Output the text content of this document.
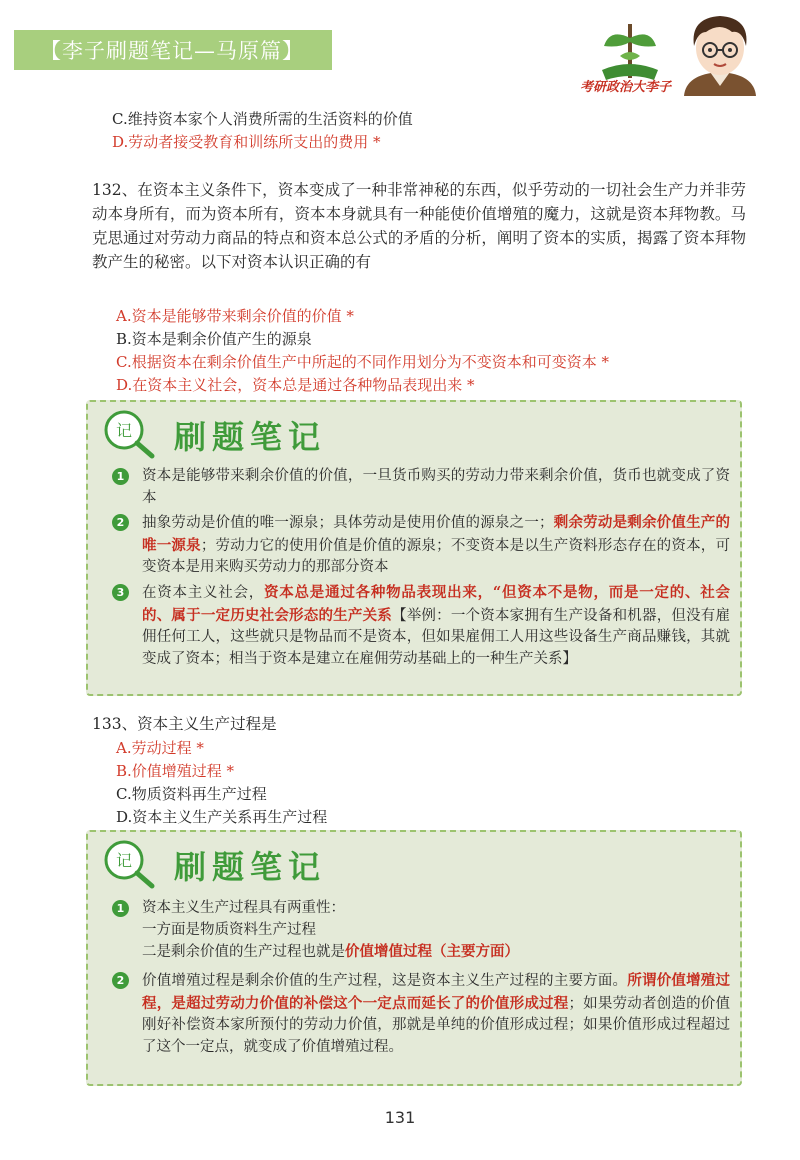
【李子刷题笔记—马原篇】
考研政治大李子
C.维持资本家个人消费所需的生活资料的价值
D.劳动者接受教育和训练所支出的费用 *
132、在资本主义条件下，资本变成了一种非常神秘的东西，似乎劳动的一切社会生产力并非劳动本身所有，而为资本所有，资本本身就具有一种能使价值增殖的魔力，这就是资本拜物教。马克思通过对劳动力商品的特点和资本总公式的矛盾的分析，阐明了资本的实质，揭露了资本拜物教产生的秘密。以下对资本认识正确的有
A.资本是能够带来剩余价值的价值 *
B.资本是剩余价值产生的源泉
C.根据资本在剩余价值生产中所起的不同作用划分为不变资本和可变资本 *
D.在资本主义社会，资本总是通过各种物品表现出来 *
记 刷题笔记
1	资本是能够带来剩余价值的价值，一旦货币购买的劳动力带来剩余价值，货币也就变成了资本
2	抽象劳动是价值的唯一源泉；具体劳动是使用价值的源泉之一；剩余劳动是剩余价值生产的唯一源泉；劳动力它的使用价值是价值的源泉；不变资本是以生产资料形态存在的资本，可变资本是用来购买劳动力的那部分资本
3	在资本主义社会，资本总是通过各种物品表现出来，“但资本不是物，而是一定的、社会的、属于一定历史社会形态的生产关系【举例：一个资本家拥有生产设备和机器，但没有雇佣任何工人，这些就只是物品而不是资本，但如果雇佣工人用这些设备生产商品赚钱，其就变成了资本；相当于资本是建立在雇佣劳动基础上的一种生产关系】
133、资本主义生产过程是
A.劳动过程 *
B.价值增殖过程 *
C.物质资料再生产过程
D.资本主义生产关系再生产过程
记 刷题笔记
1	资本主义生产过程具有两重性：
一方面是物质资料生产过程
二是剩余价值的生产过程也就是价值增值过程（主要方面）
2	价值增殖过程是剩余价值的生产过程，这是资本主义生产过程的主要方面。所谓价值增殖过程，是超过劳动力价值的补偿这个一定点而延长了的价值形成过程；如果劳动者创造的价值刚好补偿资本家所预付的劳动力价值，那就是单纯的价值形成过程；如果价值形成过程超过了这个一定点，就变成了价值增殖过程。
131
